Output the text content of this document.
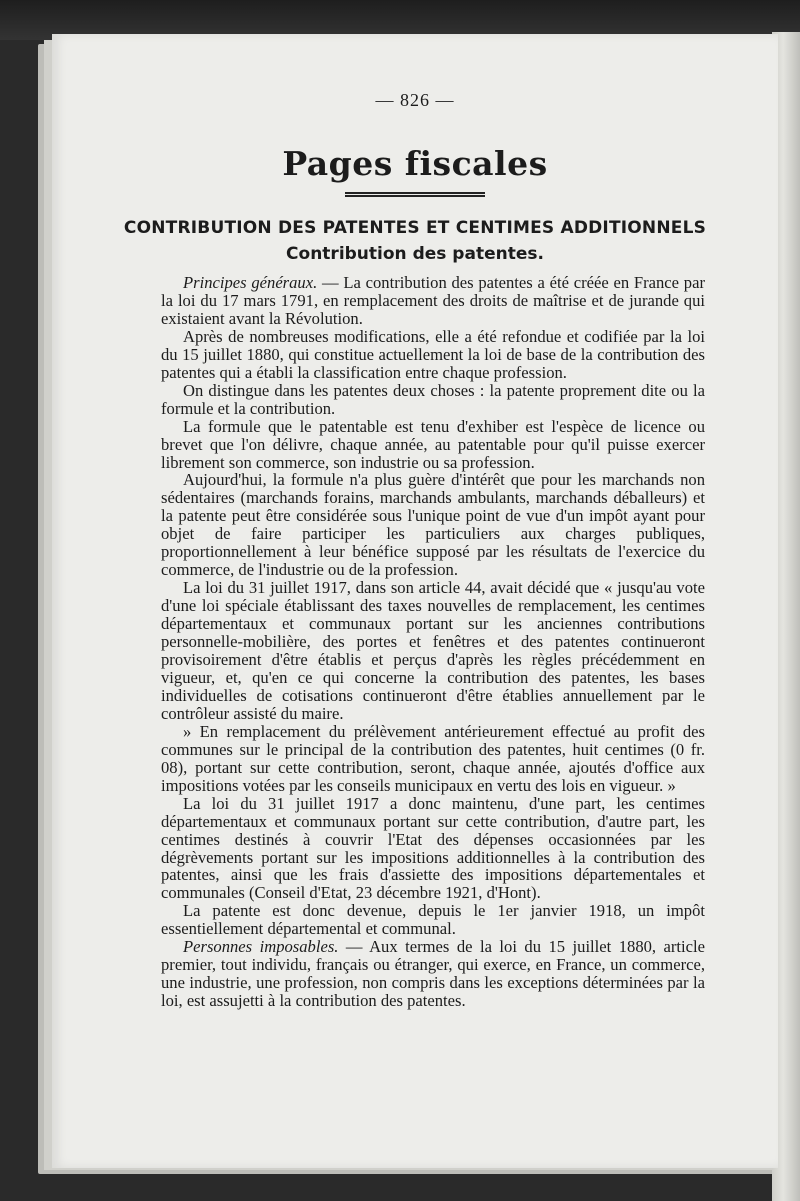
— 826 —
Pages fiscales
CONTRIBUTION DES PATENTES ET CENTIMES ADDITIONNELS
Contribution des patentes.

Principes généraux. — La contribution des patentes a été créée en France par la loi du 17 mars 1791, en remplacement des droits de maîtrise et de jurande qui existaient avant la Révolution.

Après de nombreuses modifications, elle a été refondue et codifiée par la loi du 15 juillet 1880, qui constitue actuellement la loi de base de la contribution des patentes qui a établi la classification entre chaque profession.

On distingue dans les patentes deux choses : la patente proprement dite ou la formule et la contribution.

La formule que le patentable est tenu d'exhiber est l'espèce de licence ou brevet que l'on délivre, chaque année, au patentable pour qu'il puisse exercer librement son commerce, son industrie ou sa profession.

Aujourd'hui, la formule n'a plus guère d'intérêt que pour les marchands non sédentaires (marchands forains, marchands ambulants, marchands déballeurs) et la patente peut être considérée sous l'unique point de vue d'un impôt ayant pour objet de faire participer les particuliers aux charges publiques, proportionnellement à leur bénéfice supposé par les résultats de l'exercice du commerce, de l'industrie ou de la profession.

La loi du 31 juillet 1917, dans son article 44, avait décidé que « jusqu'au vote d'une loi spéciale établissant des taxes nouvelles de remplacement, les centimes départementaux et communaux portant sur les anciennes contributions personnelle-mobilière, des portes et fenêtres et des patentes continueront provisoirement d'être établis et perçus d'après les règles précédemment en vigueur, et, qu'en ce qui concerne la contribution des patentes, les bases individuelles de cotisations continueront d'être établies annuellement par le contrôleur assisté du maire.

» En remplacement du prélèvement antérieurement effectué au profit des communes sur le principal de la contribution des patentes, huit centimes (0 fr. 08), portant sur cette contribution, seront, chaque année, ajoutés d'office aux impositions votées par les conseils municipaux en vertu des lois en vigueur. »

La loi du 31 juillet 1917 a donc maintenu, d'une part, les centimes départementaux et communaux portant sur cette contribution, d'autre part, les centimes destinés à couvrir l'Etat des dépenses occasionnées par les dégrèvements portant sur les impositions additionnelles à la contribution des patentes, ainsi que les frais d'assiette des impositions départementales et communales (Conseil d'Etat, 23 décembre 1921, d'Hont).

La patente est donc devenue, depuis le 1er janvier 1918, un impôt essentiellement départemental et communal.

Personnes imposables. — Aux termes de la loi du 15 juillet 1880, article premier, tout individu, français ou étranger, qui exerce, en France, un commerce, une industrie, une profession, non compris dans les exceptions déterminées par la loi, est assujetti à la contribution des patentes.
